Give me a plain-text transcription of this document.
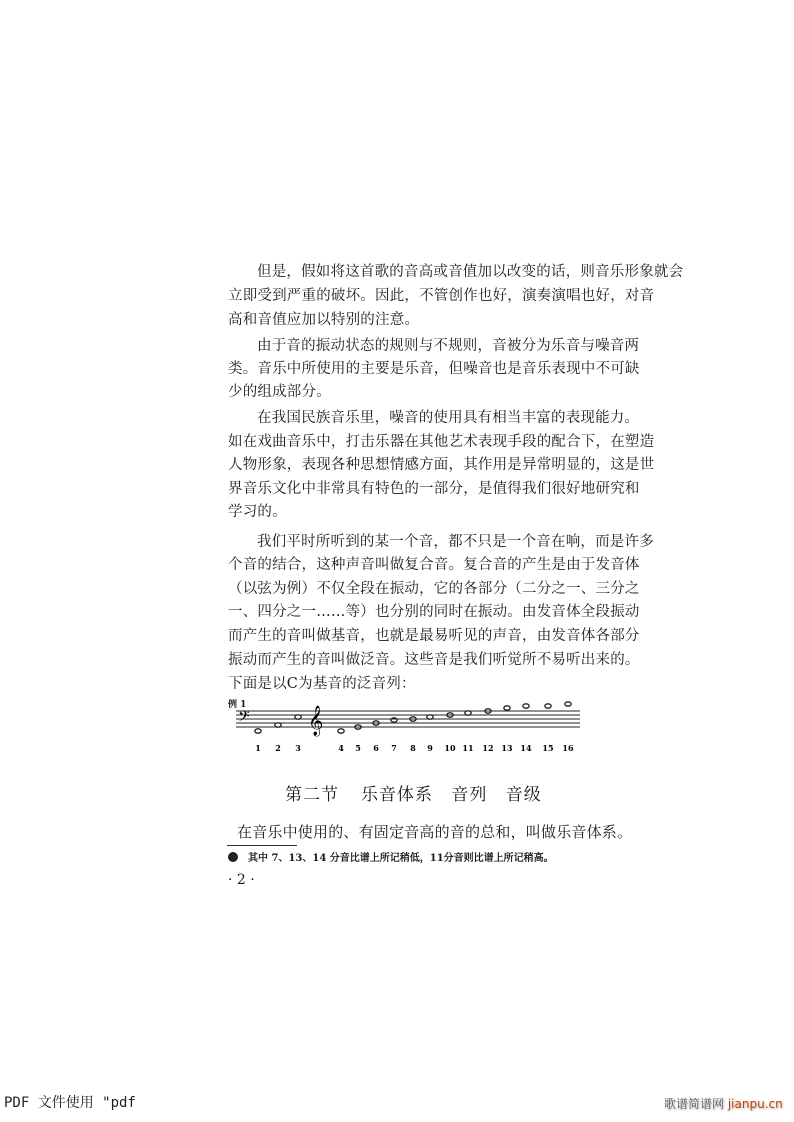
但是，假如将这首歌的音高或音值加以改变的话，则音乐形象就会
立即受到严重的破坏。因此，不管创作也好，演奏演唱也好，对音
高和音值应加以特别的注意。
由于音的振动状态的规则与不规则，音被分为乐音与噪音两
类。音乐中所使用的主要是乐音，但噪音也是音乐表现中不可缺
少的组成部分。
在我国民族音乐里，噪音的使用具有相当丰富的表现能力。
如在戏曲音乐中，打击乐器在其他艺术表现手段的配合下，在塑造
人物形象，表现各种思想情感方面，其作用是异常明显的，这是世
界音乐文化中非常具有特色的一部分，是值得我们很好地研究和
学习的。
我们平时所听到的某一个音，都不只是一个音在响，而是许多
个音的结合，这种声音叫做复合音。复合音的产生是由于发音体
（以弦为例）不仅全段在振动，它的各部分（二分之一、三分之
一、四分之一……等）也分别的同时在振动。由发音体全段振动
而产生的音叫做基音，也就是最易听见的声音，由发音体各部分
振动而产生的音叫做泛音。这些音是我们听觉所不易听出来的。
下面是以C为基音的泛音列：
例 1
𝄢 𝄞
1 2 3	4 5 6 7 8 9 10 11 12 13 14 15 16
第二节 乐音体系 音列 音级
在音乐中使用的、有固定音高的音的总和，叫做乐音体系。
其中 7、13、14 分音比谱上所记稍低，11分音则比谱上所记稍高。
· 2 ·
PDF 文件使用 "pdf	歌谱简谱网 jianpu.cn
